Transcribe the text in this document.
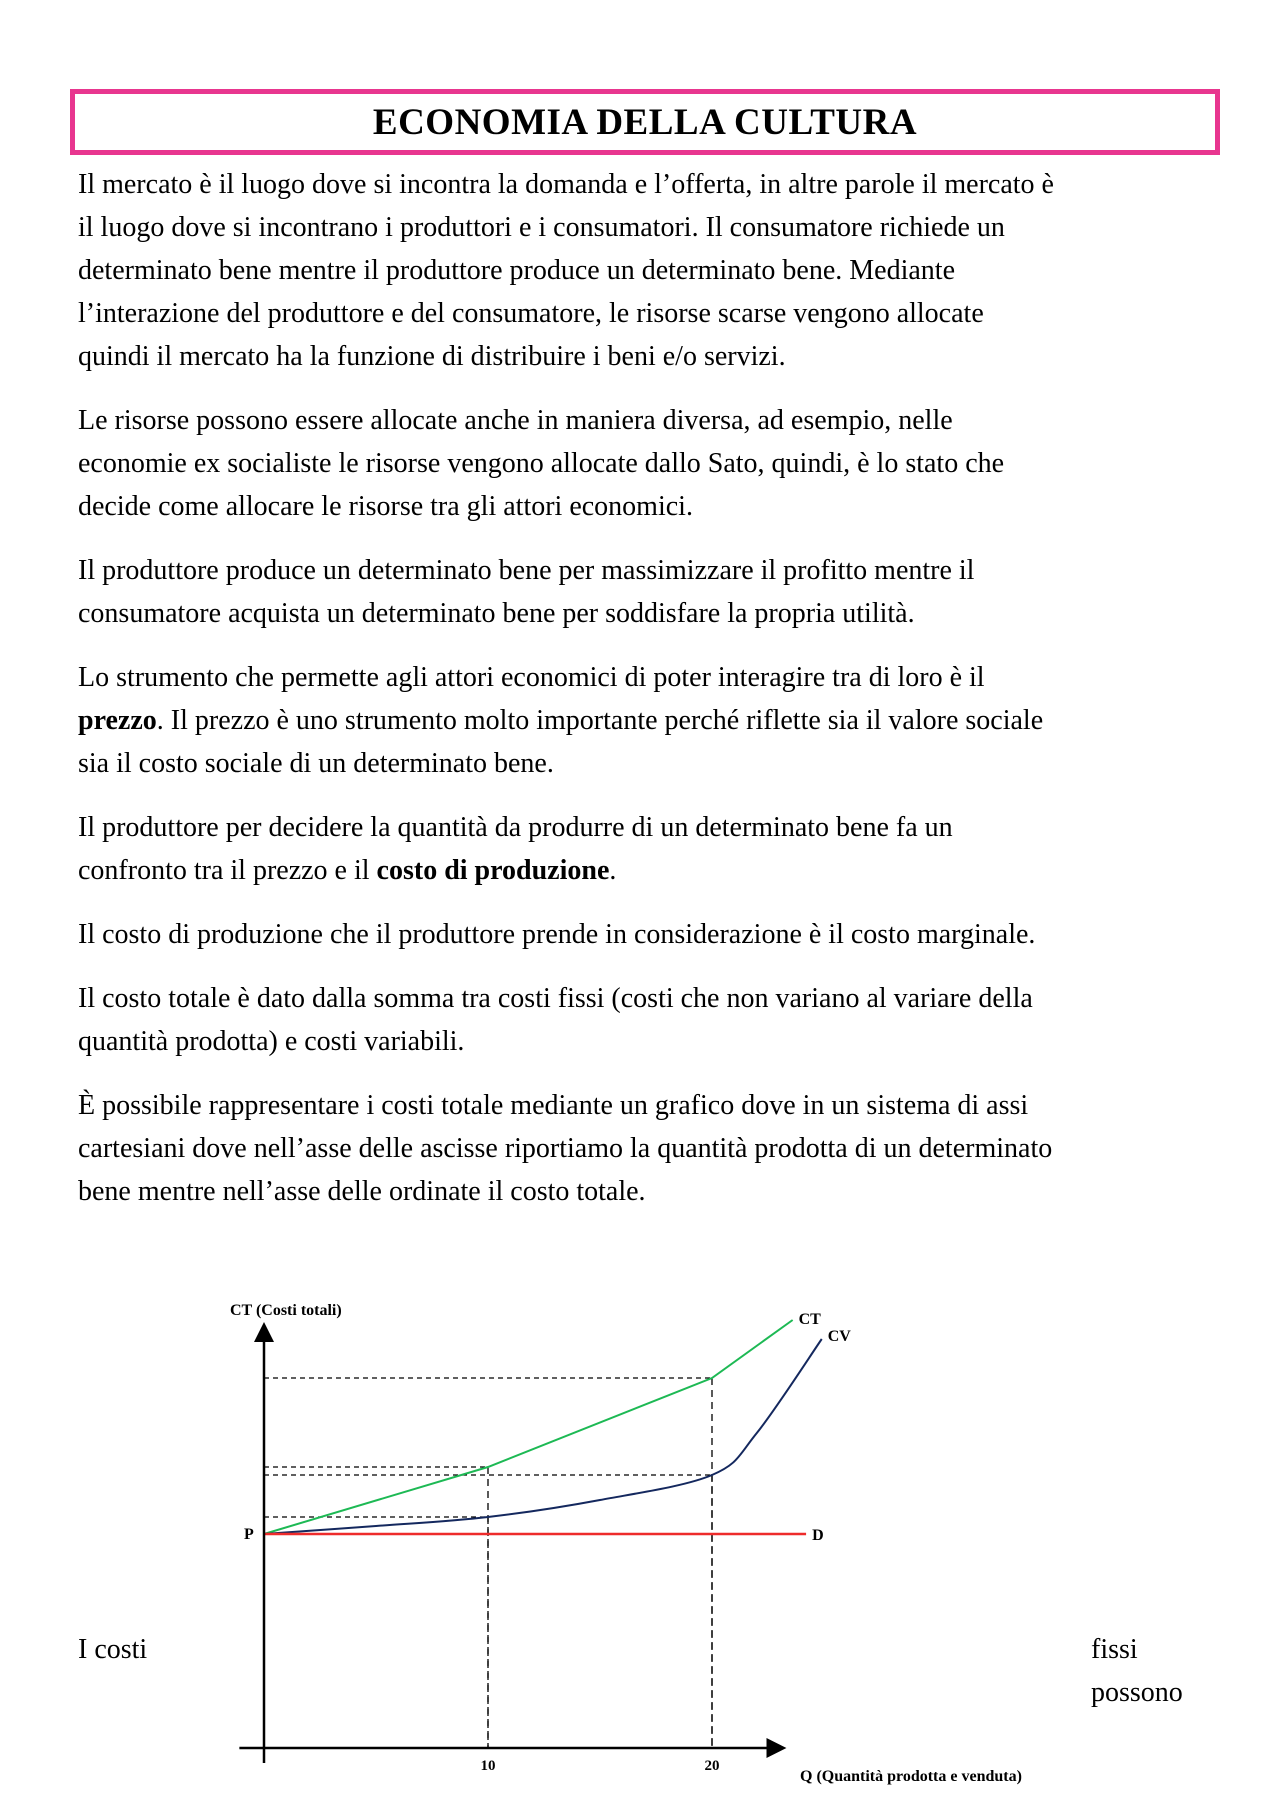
ECONOMIA DELLA CULTURA

Il mercato è il luogo dove si incontra la domanda e l’offerta, in altre parole il mercato è
il luogo dove si incontrano i produttori e i consumatori. Il consumatore richiede un
determinato bene mentre il produttore produce un determinato bene. Mediante
l’interazione del produttore e del consumatore, le risorse scarse vengono allocate
quindi il mercato ha la funzione di distribuire i beni e/o servizi.

Le risorse possono essere allocate anche in maniera diversa, ad esempio, nelle
economie ex socialiste le risorse vengono allocate dallo Sato, quindi, è lo stato che
decide come allocare le risorse tra gli attori economici.

Il produttore produce un determinato bene per massimizzare il profitto mentre il
consumatore acquista un determinato bene per soddisfare la propria utilità.

Lo strumento che permette agli attori economici di poter interagire tra di loro è il
prezzo. Il prezzo è uno strumento molto importante perché riflette sia il valore sociale
sia il costo sociale di un determinato bene.

Il produttore per decidere la quantità da produrre di un determinato bene fa un
confronto tra il prezzo e il costo di produzione.

Il costo di produzione che il produttore prende in considerazione è il costo marginale.

Il costo totale è dato dalla somma tra costi fissi (costi che non variano al variare della
quantità prodotta) e costi variabili.

È possibile rappresentare i costi totale mediante un grafico dove in un sistema di assi
cartesiani dove nell’asse delle ascisse riportiamo la quantità prodotta di un determinato
bene mentre nell’asse delle ordinate il costo totale.

I costi	fissi
possono
CT (Costi totali)
Q (Quantità prodotta e venduta)
P
10	20
CT
CV
D
